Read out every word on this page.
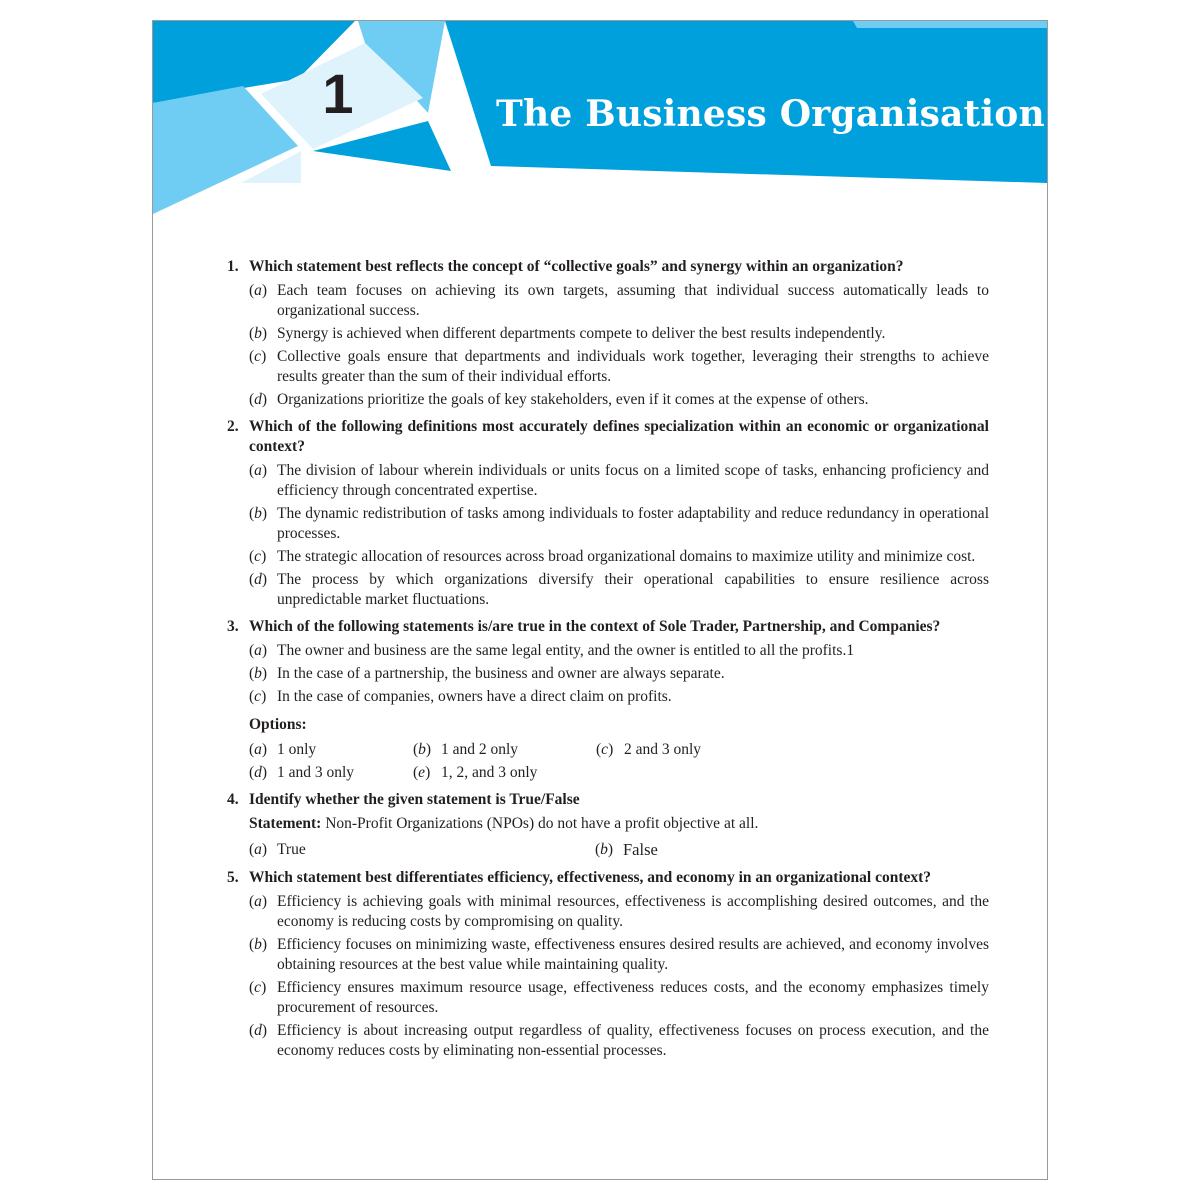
1	The Business Organisation
1. Which statement best reflects the concept of “collective goals” and synergy within an organization?
(a) Each team focuses on achieving its own targets, assuming that individual success automatically leads to organizational success.
(b) Synergy is achieved when different departments compete to deliver the best results independently.
(c) Collective goals ensure that departments and individuals work together, leveraging their strengths to achieve results greater than the sum of their individual efforts.
(d) Organizations prioritize the goals of key stakeholders, even if it comes at the expense of others.
2. Which of the following definitions most accurately defines specialization within an economic or organizational context?
(a) The division of labour wherein individuals or units focus on a limited scope of tasks, enhancing proficiency and efficiency through concentrated expertise.
(b) The dynamic redistribution of tasks among individuals to foster adaptability and reduce redundancy in operational processes.
(c) The strategic allocation of resources across broad organizational domains to maximize utility and minimize cost.
(d) The process by which organizations diversify their operational capabilities to ensure resilience across unpredictable market fluctuations.
3. Which of the following statements is/are true in the context of Sole Trader, Partnership, and Companies?
(a) The owner and business are the same legal entity, and the owner is entitled to all the profits.1
(b) In the case of a partnership, the business and owner are always separate.
(c) In the case of companies, owners have a direct claim on profits.
Options:
(a) 1 only	(b) 1 and 2 only	(c) 2 and 3 only
(d) 1 and 3 only	(e) 1, 2, and 3 only
4. Identify whether the given statement is True/False
Statement: Non-Profit Organizations (NPOs) do not have a profit objective at all.
(a) True	(b) False
5. Which statement best differentiates efficiency, effectiveness, and economy in an organizational context?
(a) Efficiency is achieving goals with minimal resources, effectiveness is accomplishing desired outcomes, and the economy is reducing costs by compromising on quality.
(b) Efficiency focuses on minimizing waste, effectiveness ensures desired results are achieved, and economy involves obtaining resources at the best value while maintaining quality.
(c) Efficiency ensures maximum resource usage, effectiveness reduces costs, and the economy emphasizes timely procurement of resources.
(d) Efficiency is about increasing output regardless of quality, effectiveness focuses on process execution, and the economy reduces costs by eliminating non-essential processes.
